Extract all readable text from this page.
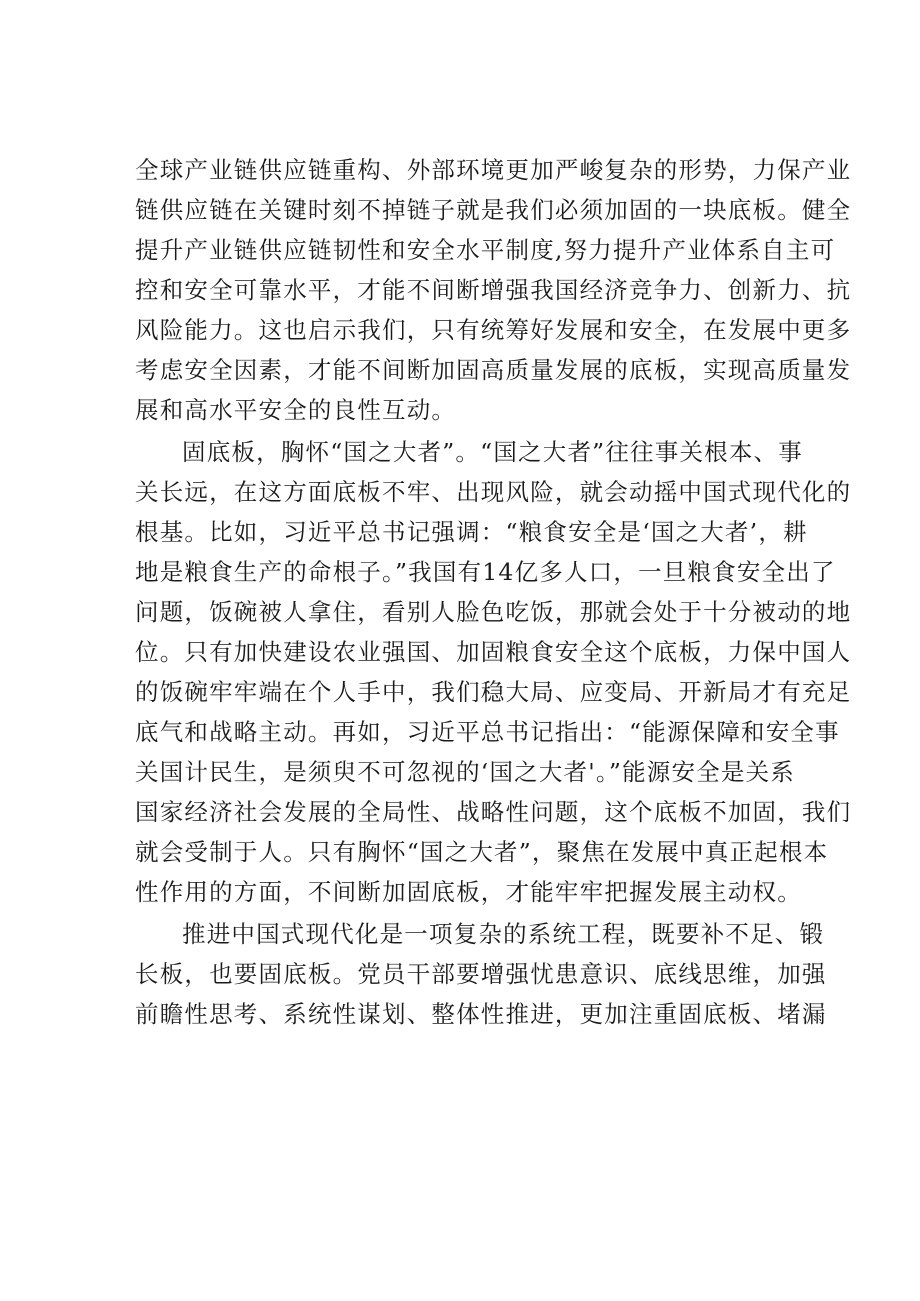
全球产业链供应链重构、外部环境更加严峻复杂的形势，力保产业
链供应链在关键时刻不掉链子就是我们必须加固的一块底板。健全
提升产业链供应链韧性和安全水平制度,努力提升产业体系自主可
控和安全可靠水平，才能不间断增强我国经济竞争力、创新力、抗
风险能力。这也启示我们，只有统筹好发展和安全，在发展中更多
考虑安全因素，才能不间断加固高质量发展的底板，实现高质量发
展和高水平安全的良性互动。

固底板，胸怀“国之大者”。“国之大者”往往事关根本、事
关长远，在这方面底板不牢、出现风险，就会动摇中国式现代化的
根基。比如，习近平总书记强调：“粮食安全是‘国之大者’，耕
地是粮食生产的命根子。”我国有14亿多人口，一旦粮食安全出了
问题，饭碗被人拿住，看别人脸色吃饭，那就会处于十分被动的地
位。只有加快建设农业强国、加固粮食安全这个底板，力保中国人
的饭碗牢牢端在个人手中，我们稳大局、应变局、开新局才有充足
底气和战略主动。再如，习近平总书记指出：“能源保障和安全事
关国计民生，是须臾不可忽视的‘国之大者'。”能源安全是关系
国家经济社会发展的全局性、战略性问题，这个底板不加固，我们
就会受制于人。只有胸怀“国之大者”，聚焦在发展中真正起根本
性作用的方面，不间断加固底板，才能牢牢把握发展主动权。

推进中国式现代化是一项复杂的系统工程，既要补不足、锻
长板，也要固底板。党员干部要增强忧患意识、底线思维，加强
前瞻性思考、系统性谋划、整体性推进，更加注重固底板、堵漏
